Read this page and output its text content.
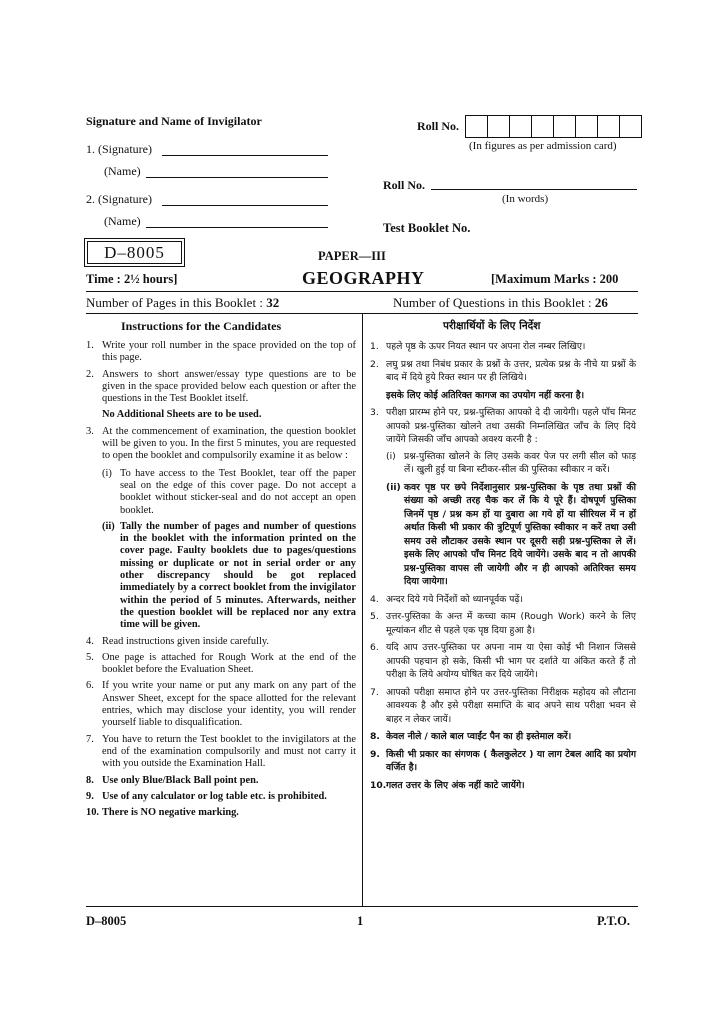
Signature and Name of Invigilator
1. (Signature)
(Name)
2. (Signature)
(Name)
Roll No.
(In figures as per admission card)
Roll No.
(In words)
Test Booklet No.
D–8005	PAPER—III
GEOGRAPHY
Time : 2½ hours]	[Maximum Marks : 200
Number of Pages in this Booklet : 32	Number of Questions in this Booklet : 26
Instructions for the Candidates
1. Write your roll number in the space provided on the top of this page.
2. Answers to short answer/essay type questions are to be given in the space provided below each question or after the questions in the Test Booklet itself.
No Additional Sheets are to be used.
3. At the commencement of examination, the question booklet will be given to you. In the first 5 minutes, you are requested to open the booklet and compulsorily examine it as below :
(i) To have access to the Test Booklet, tear off the paper seal on the edge of this cover page. Do not accept a booklet without sticker-seal and do not accept an open booklet.
(ii) Tally the number of pages and number of questions in the booklet with the information printed on the cover page. Faulty booklets due to pages/questions missing or duplicate or not in serial order or any other discrepancy should be got replaced immediately by a correct booklet from the invigilator within the period of 5 minutes. Afterwards, neither the question booklet will be replaced nor any extra time will be given.
4. Read instructions given inside carefully.
5. One page is attached for Rough Work at the end of the booklet before the Evaluation Sheet.
6. If you write your name or put any mark on any part of the Answer Sheet, except for the space allotted for the relevant entries, which may disclose your identity, you will render yourself liable to disqualification.
7. You have to return the Test booklet to the invigilators at the end of the examination compulsorily and must not carry it with you outside the Examination Hall.
8. Use only Blue/Black Ball point pen.
9. Use of any calculator or log table etc. is prohibited.
10. There is NO negative marking.
परीक्षार्थियों के लिए निर्देश
1. पहले पृष्ठ के ऊपर नियत स्थान पर अपना रोल नम्बर लिखिए।
2. लघु प्रश्न तथा निबंध प्रकार के प्रश्नों के उत्तर, प्रत्येक प्रश्न के नीचे या प्रश्नों के बाद में दिये हुये रिक्त स्थान पर ही लिखिये।
इसके लिए कोई अतिरिक्त कागज का उपयोग नहीं करना है।
3. परीक्षा प्रारम्भ होने पर, प्रश्न-पुस्तिका आपको दे दी जायेगी। पहले पाँच मिनट आपको प्रश्न-पुस्तिका खोलने तथा उसकी निम्नलिखित जाँच के लिए दिये जायेंगे जिसकी जाँच आपको अवश्य करनी है :
(i) प्रश्न-पुस्तिका खोलने के लिए उसके कवर पेज पर लगी सील को फाड़ लें। खुली हुई या बिना स्टीकर-सील की पुस्तिका स्वीकार न करें।
(ii) कवर पृष्ठ पर छपे निर्देशानुसार प्रश्न-पुस्तिका के पृष्ठ तथा प्रश्नों की संख्या को अच्छी तरह चैक कर लें कि ये पूरे हैं। दोषपूर्ण पुस्तिका जिनमें पृष्ठ / प्रश्न कम हों या दुबारा आ गये हों या सीरियल में न हों अर्थात किसी भी प्रकार की त्रुटिपूर्ण पुस्तिका स्वीकार न करें तथा उसी समय उसे लौटाकर उसके स्थान पर दूसरी सही प्रश्न-पुस्तिका ले लें। इसके लिए आपको पाँच मिनट दिये जायेंगे। उसके बाद न तो आपकी प्रश्न-पुस्तिका वापस ली जायेगी और न ही आपको अतिरिक्त समय दिया जायेगा।
4. अन्दर दिये गये निर्देशों को ध्यानपूर्वक पढ़ें।
5. उत्तर-पुस्तिका के अन्त में कच्चा काम (Rough Work) करने के लिए मूल्यांकन शीट से पहले एक पृष्ठ दिया हुआ है।
6. यदि आप उत्तर-पुस्तिका पर अपना नाम या ऐसा कोई भी निशान जिससे आपकी पहचान हो सके, किसी भी भाग पर दर्शाते या अंकित करते हैं तो परीक्षा के लिये अयोग्य घोषित कर दिये जायेंगे।
7. आपको परीक्षा समाप्त होने पर उत्तर-पुस्तिका निरीक्षक महोदय को लौटाना आवश्यक है और इसे परीक्षा समाप्ति के बाद अपने साथ परीक्षा भवन से बाहर न लेकर जायें।
8. केवल नीले / काले बाल प्वाईंट पैन का ही इस्तेमाल करें।
9. किसी भी प्रकार का संगणक ( कैलकुलेटर ) या लाग टेबल आदि का प्रयोग वर्जित है।
10. गलत उत्तर के लिए अंक नहीं काटे जायेंगे।
D–8005	1	P.T.O.
